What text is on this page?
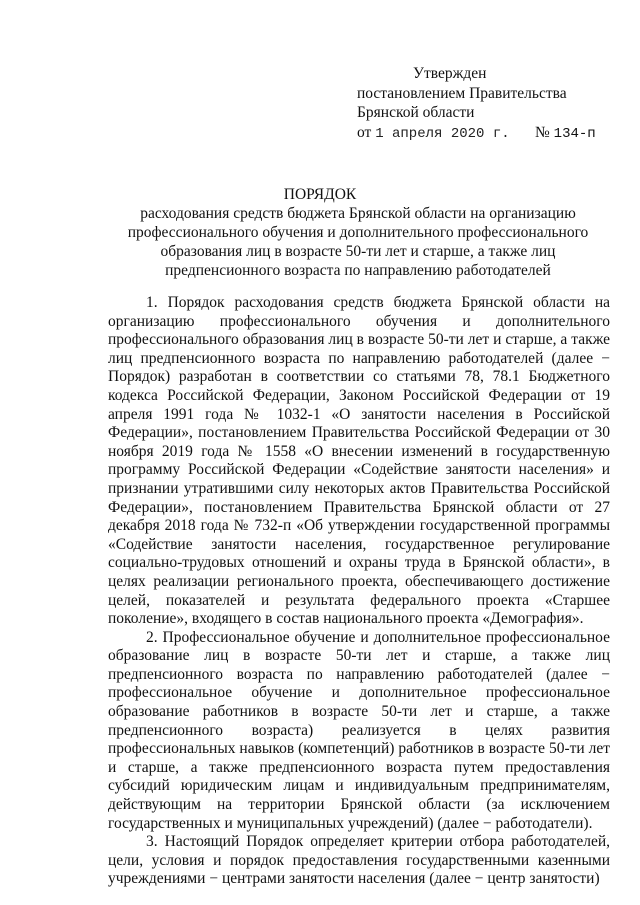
Утвержден
постановлением Правительства
Брянской области
от 1 апреля 2020 г. № 134-п
ПОРЯДОК
расходования средств бюджета Брянской области на организацию профессионального обучения и дополнительного профессионального образования лиц в возрасте 50-ти лет и старше, а также лиц предпенсионного возраста по направлению работодателей

1. Порядок расходования средств бюджета Брянской области на организацию профессионального обучения и дополнительного профессионального образования лиц в возрасте 50-ти лет и старше, а также лиц предпенсионного возраста по направлению работодателей (далее − Порядок) разработан в соответствии со статьями 78, 78.1 Бюджетного кодекса Российской Федерации, Законом Российской Федерации от 19 апреля 1991 года № 1032-1 «О занятости населения в Российской Федерации», постановлением Правительства Российской Федерации от 30 ноября 2019 года № 1558 «О внесении изменений в государственную программу Российской Федерации «Содействие занятости населения» и признании утратившими силу некоторых актов Правительства Российской Федерации», постановлением Правительства Брянской области от 27 декабря 2018 года № 732-п «Об утверждении государственной программы «Содействие занятости населения, государственное регулирование социально-трудовых отношений и охраны труда в Брянской области», в целях реализации регионального проекта, обеспечивающего достижение целей, показателей и результата федерального проекта «Старшее поколение», входящего в состав национального проекта «Демография».

2. Профессиональное обучение и дополнительное профессиональное образование лиц в возрасте 50-ти лет и старше, а также лиц предпенсионного возраста по направлению работодателей (далее − профессиональное обучение и дополнительное профессиональное образование работников в возрасте 50-ти лет и старше, а также предпенсионного возраста) реализуется в целях развития профессиональных навыков (компетенций) работников в возрасте 50-ти лет и старше, а также предпенсионного возраста путем предоставления субсидий юридическим лицам и индивидуальным предпринимателям, действующим на территории Брянской области (за исключением государственных и муниципальных учреждений) (далее − работодатели).

3. Настоящий Порядок определяет критерии отбора работодателей, цели, условия и порядок предоставления государственными казенными учреждениями − центрами занятости населения (далее − центр занятости)
